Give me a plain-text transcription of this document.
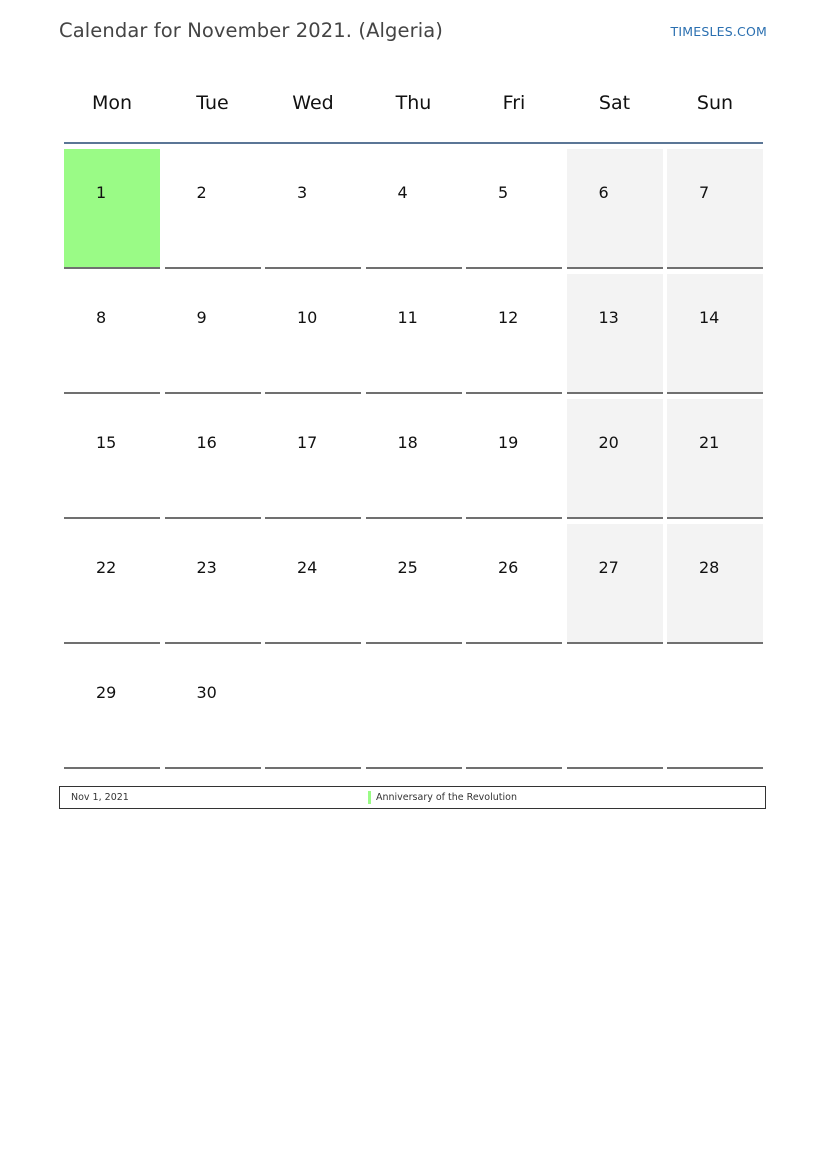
Calendar for November 2021. (Algeria)	TIMESLES.COM
Mon	Tue	Wed	Thu	Fri	Sat	Sun
1	2	3	4	5	6	7
8	9	10	11	12	13	14
15	16	17	18	19	20	21
22	23	24	25	26	27	28
29	30
Nov 1, 2021	Anniversary of the Revolution
